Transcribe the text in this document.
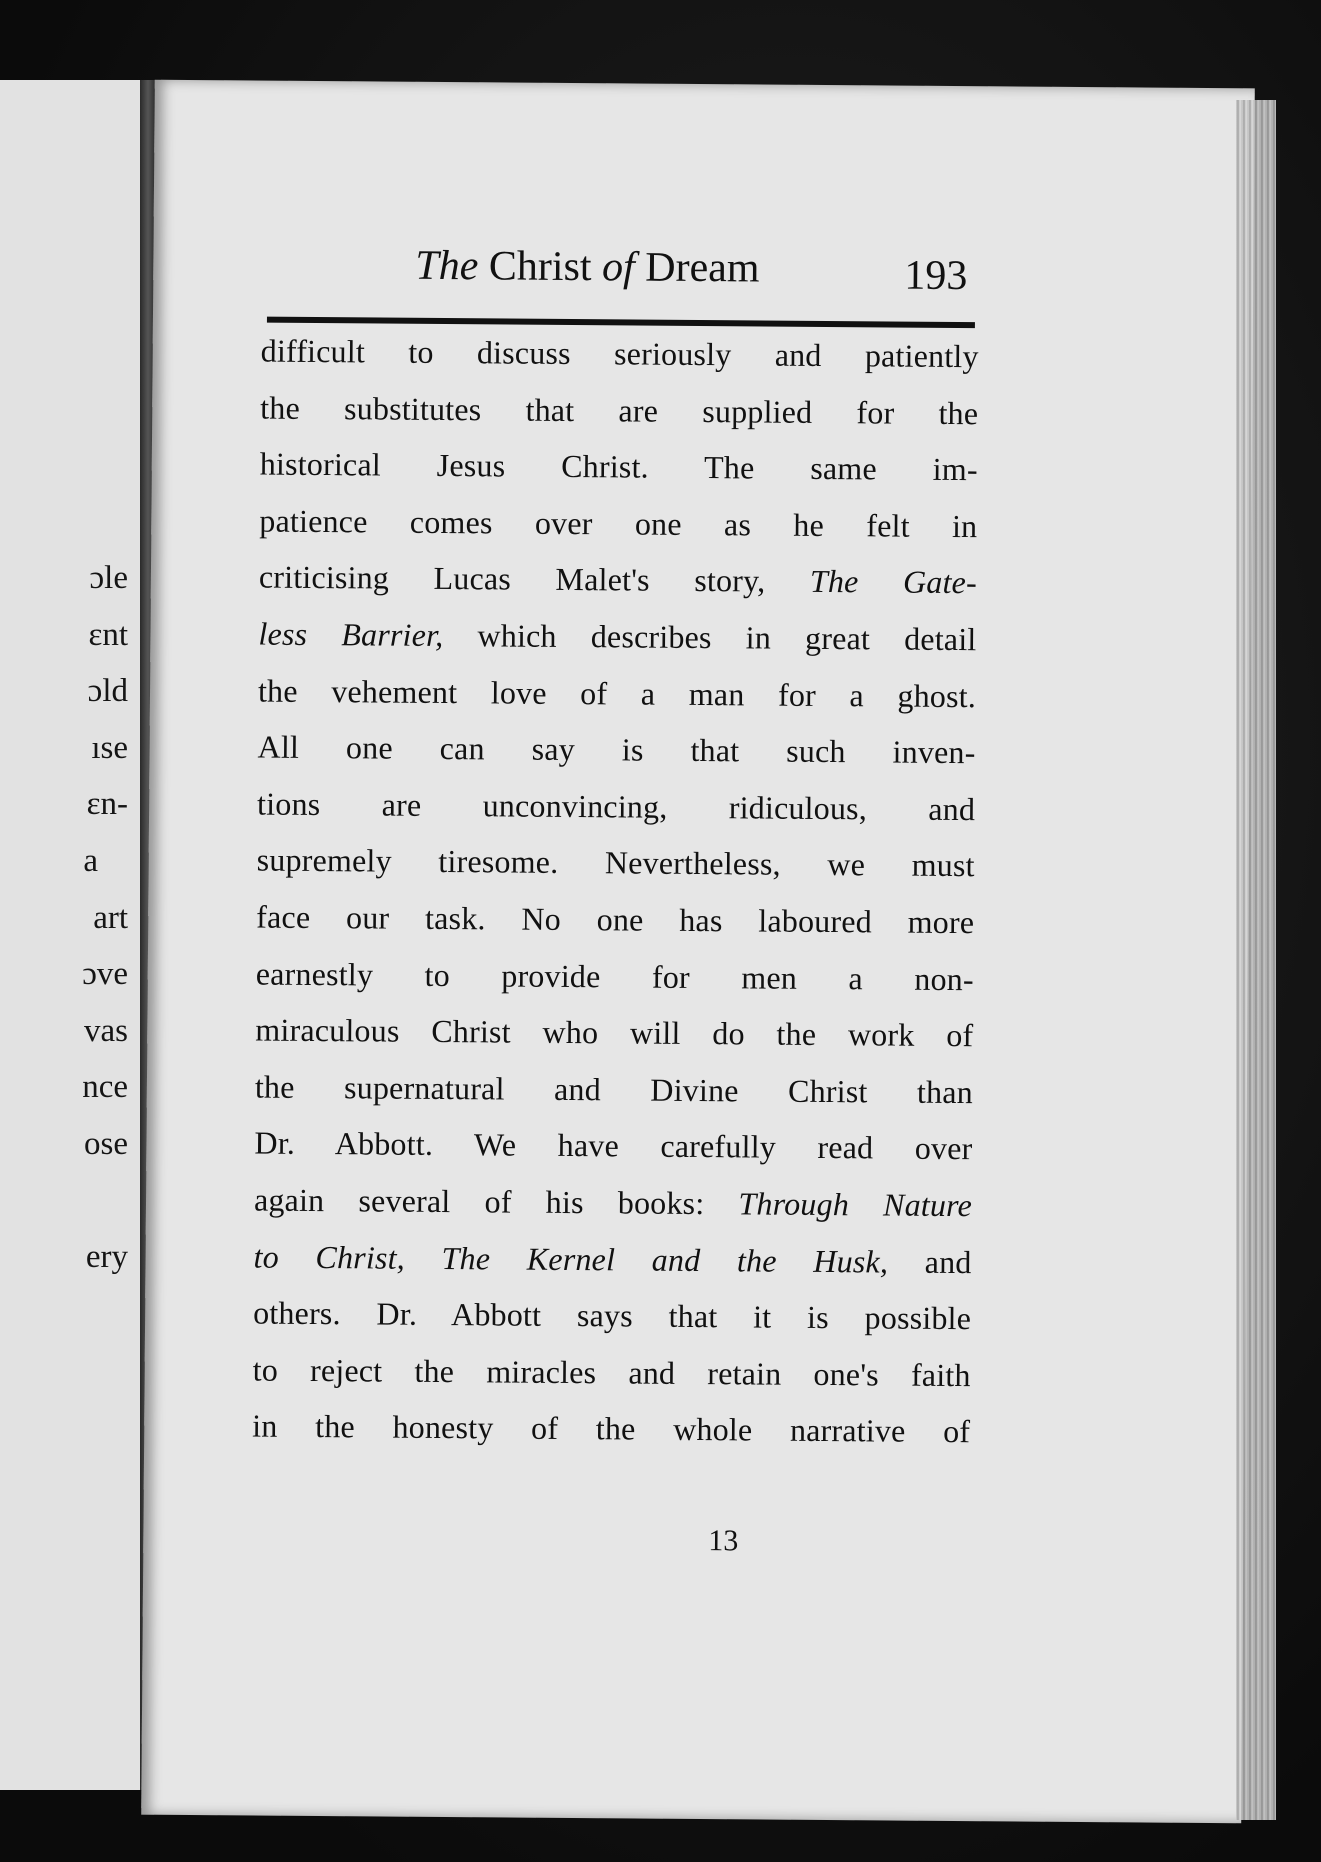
ɔle
ɛnt
ɔld
ıse
ɛn-
a
art
ɔve
vas
nce
ose
ery
The Christ of Dream	193
difficult to discuss seriously and patiently
the substitutes that are supplied for the
historical Jesus Christ. The same im-
patience comes over one as he felt in
criticising Lucas Malet's story, The Gate-
less Barrier, which describes in great detail
the vehement love of a man for a ghost.
All one can say is that such inven-
tions are unconvincing, ridiculous, and
supremely tiresome. Nevertheless, we must
face our task. No one has laboured more
earnestly to provide for men a non-
miraculous Christ who will do the work of
the supernatural and Divine Christ than
Dr. Abbott. We have carefully read over
again several of his books: Through Nature
to Christ, The Kernel and the Husk, and
others. Dr. Abbott says that it is possible
to reject the miracles and retain one's faith
in the honesty of the whole narrative of
13
